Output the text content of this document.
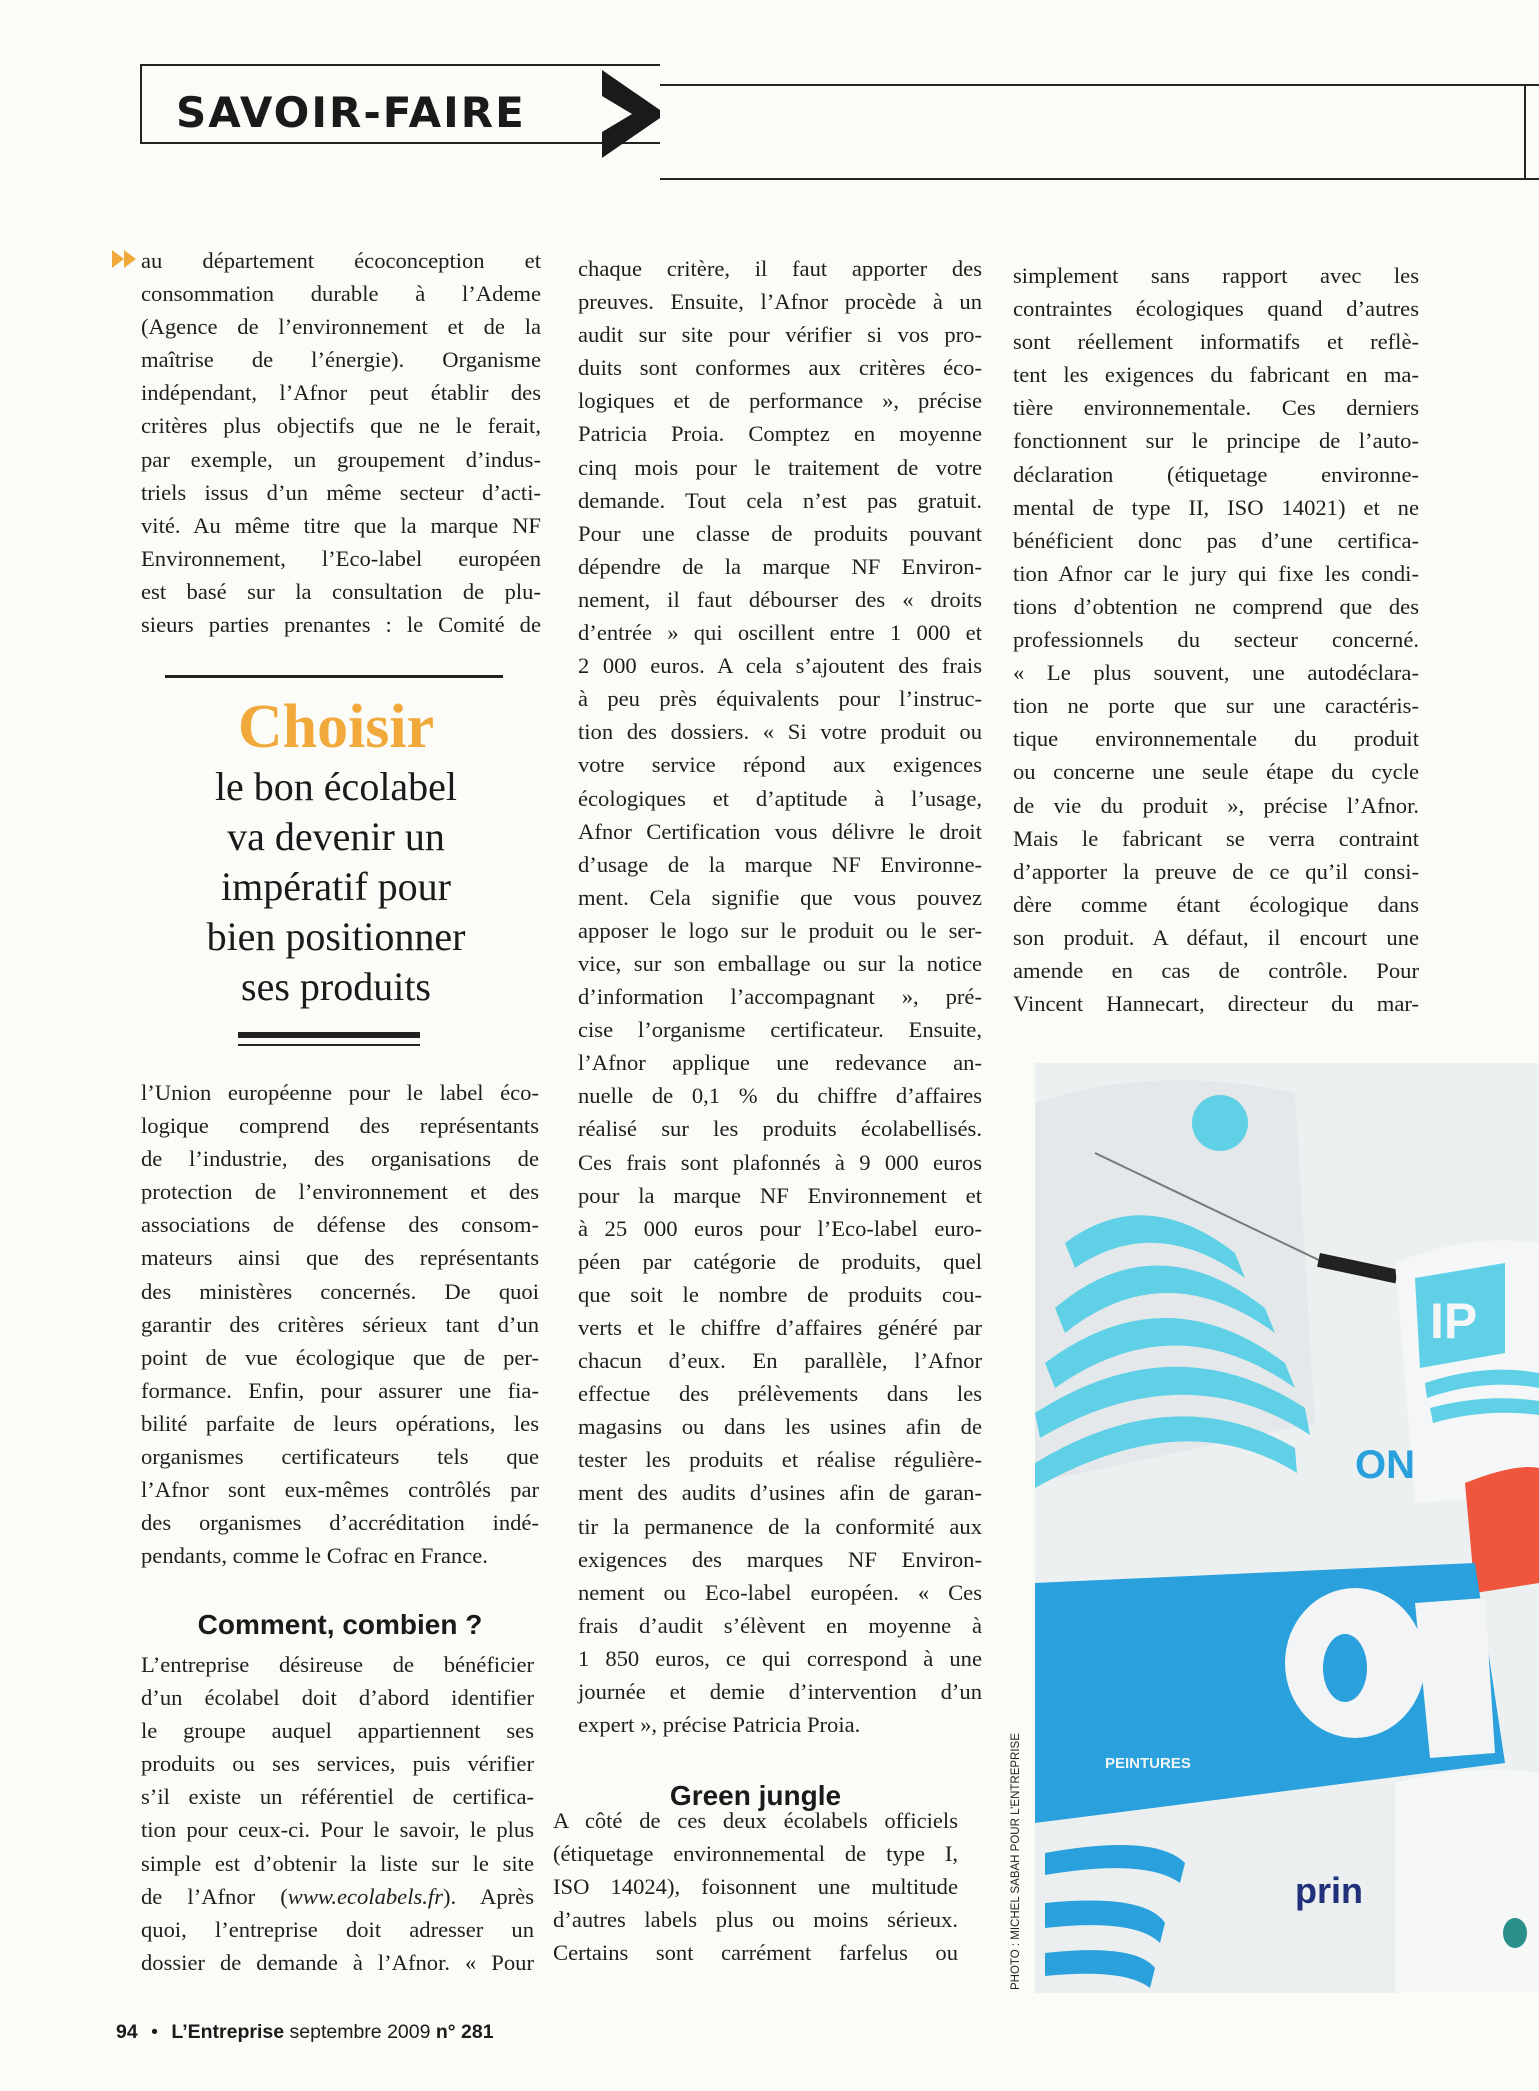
SAVOIR-FAIRE
au département écoconception et
consommation durable à l’Ademe
(Agence de l’environnement et de la
maîtrise de l’énergie). Organisme
indépendant, l’Afnor peut établir des
critères plus objectifs que ne le ferait,
par exemple, un groupement d’indus-
triels issus d’un même secteur d’acti-
vité. Au même titre que la marque NF
Environnement, l’Eco-label européen
est basé sur la consultation de plu-
sieurs parties prenantes : le Comité de
Choisir
le bon écolabel
va devenir un
impératif pour
bien positionner
ses produits
l’Union européenne pour le label éco-
logique comprend des représentants
de l’industrie, des organisations de
protection de l’environnement et des
associations de défense des consom-
mateurs ainsi que des représentants
des ministères concernés. De quoi
garantir des critères sérieux tant d’un
point de vue écologique que de per-
formance. Enfin, pour assurer une fia-
bilité parfaite de leurs opérations, les
organismes certificateurs tels que
l’Afnor sont eux-mêmes contrôlés par
des organismes d’accréditation indé-
pendants, comme le Cofrac en France.
Comment, combien ?
L’entreprise désireuse de bénéficier
d’un écolabel doit d’abord identifier
le groupe auquel appartiennent ses
produits ou ses services, puis vérifier
s’il existe un référentiel de certifica-
tion pour ceux-ci. Pour le savoir, le plus
simple est d’obtenir la liste sur le site
de l’Afnor (www.ecolabels.fr). Après
quoi, l’entreprise doit adresser un
dossier de demande à l’Afnor. « Pour
chaque critère, il faut apporter des
preuves. Ensuite, l’Afnor procède à un
audit sur site pour vérifier si vos pro-
duits sont conformes aux critères éco-
logiques et de performance », précise
Patricia Proia. Comptez en moyenne
cinq mois pour le traitement de votre
demande. Tout cela n’est pas gratuit.
Pour une classe de produits pouvant
dépendre de la marque NF Environ-
nement, il faut débourser des « droits
d’entrée » qui oscillent entre 1 000 et
2 000 euros. A cela s’ajoutent des frais
à peu près équivalents pour l’instruc-
tion des dossiers. « Si votre produit ou
votre service répond aux exigences
écologiques et d’aptitude à l’usage,
Afnor Certification vous délivre le droit
d’usage de la marque NF Environne-
ment. Cela signifie que vous pouvez
apposer le logo sur le produit ou le ser-
vice, sur son emballage ou sur la notice
d’information l’accompagnant », pré-
cise l’organisme certificateur. Ensuite,
l’Afnor applique une redevance an-
nuelle de 0,1 % du chiffre d’affaires
réalisé sur les produits écolabellisés.
Ces frais sont plafonnés à 9 000 euros
pour la marque NF Environnement et
à 25 000 euros pour l’Eco-label euro-
péen par catégorie de produits, quel
que soit le nombre de produits cou-
verts et le chiffre d’affaires généré par
chacun d’eux. En parallèle, l’Afnor
effectue des prélèvements dans les
magasins ou dans les usines afin de
tester les produits et réalise régulière-
ment des audits d’usines afin de garan-
tir la permanence de la conformité aux
exigences des marques NF Environ-
nement ou Eco-label européen. « Ces
frais d’audit s’élèvent en moyenne à
1 850 euros, ce qui correspond à une
journée et demie d’intervention d’un
expert », précise Patricia Proia.
Green jungle
A côté de ces deux écolabels officiels
(étiquetage environnemental de type I,
ISO 14024), foisonnent une multitude
d’autres labels plus ou moins sérieux.
Certains sont carrément farfelus ou
simplement sans rapport avec les
contraintes écologiques quand d’autres
sont réellement informatifs et reflè-
tent les exigences du fabricant en ma-
tière environnementale. Ces derniers
fonctionnent sur le principe de l’auto-
déclaration (étiquetage environne-
mental de type II, ISO 14021) et ne
bénéficient donc pas d’une certifica-
tion Afnor car le jury qui fixe les condi-
tions d’obtention ne comprend que des
professionnels du secteur concerné.
« Le plus souvent, une autodéclara-
tion ne porte que sur une caractéris-
tique environnementale du produit
ou concerne une seule étape du cycle
de vie du produit », précise l’Afnor.
Mais le fabricant se verra contraint
d’apporter la preuve de ce qu’il consi-
dère comme étant écologique dans
son produit. A défaut, il encourt une
amende en cas de contrôle. Pour
Vincent Hannecart, directeur du mar-
IP
ON
PEINTURES
prin
PHOTO : MICHEL SABAH POUR L’ENTREPRISE
94 • L’Entreprise septembre 2009 n° 281
